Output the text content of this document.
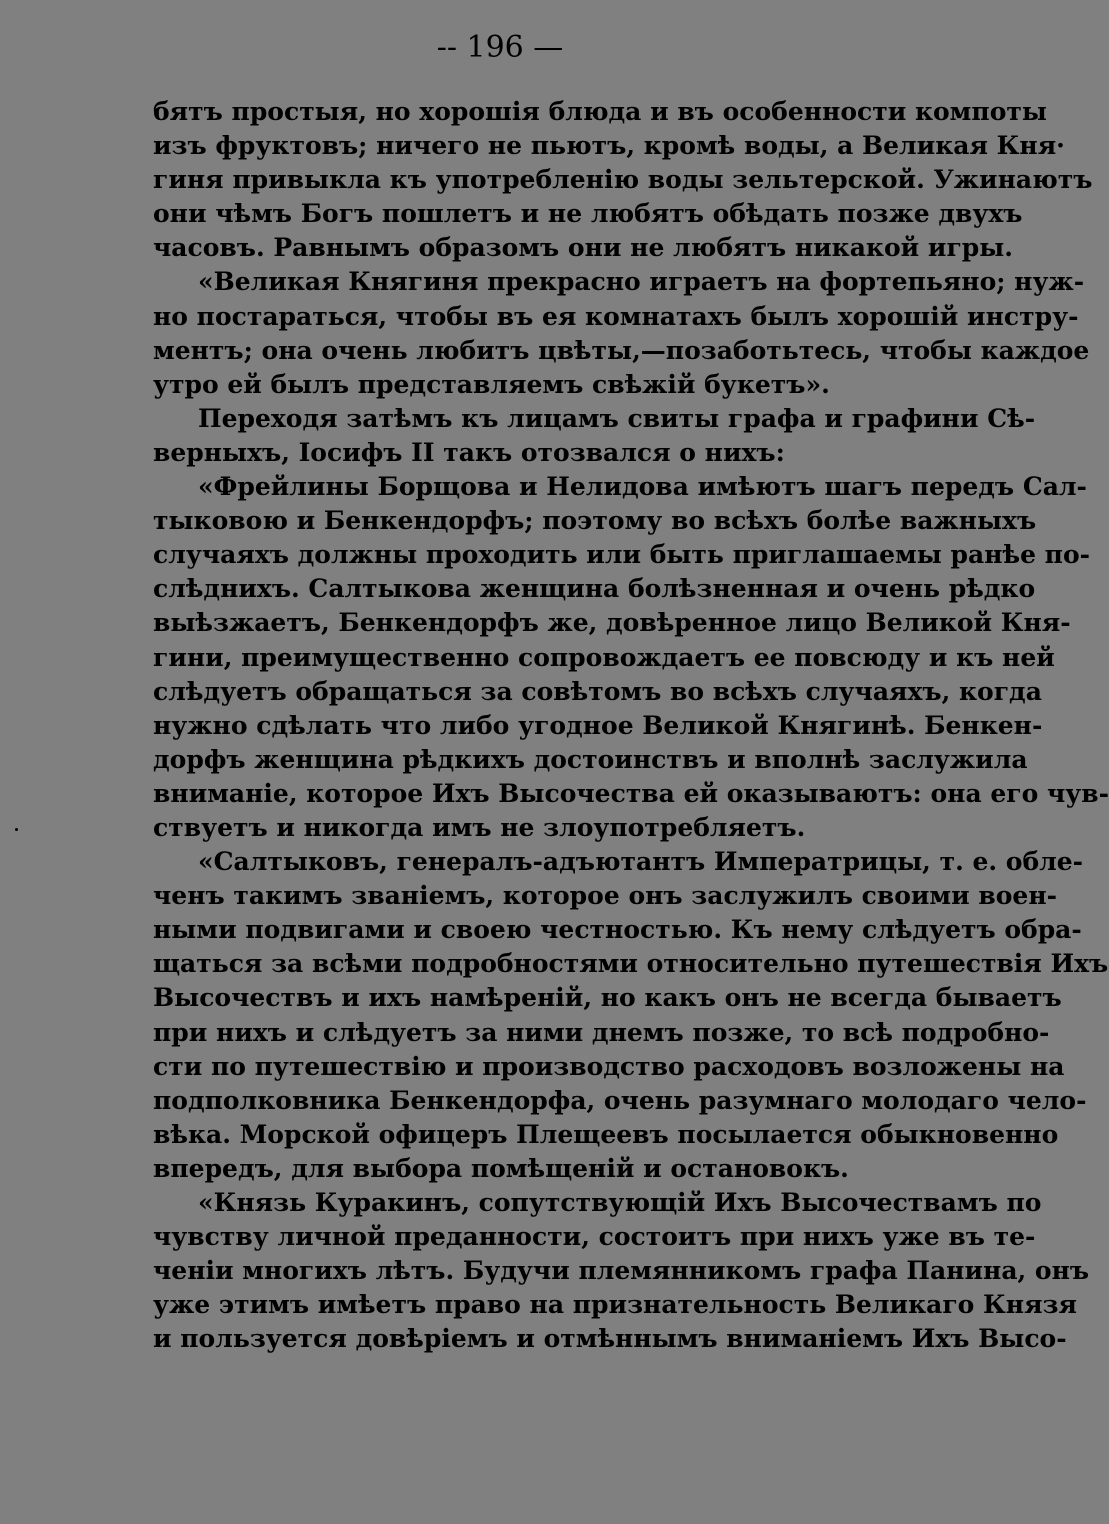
-- 196 —
бятъ простыя, но хорошія блюда и въ особенности компоты
изъ фруктовъ; ничего не пьютъ, кромѣ воды, а Великая Кня·
гиня привыкла къ употребленію воды зельтерской. Ужинаютъ
они чѣмъ Богъ пошлетъ и не любятъ обѣдать позже двухъ
часовъ. Равнымъ образомъ они не любятъ никакой игры.
«Великая Княгиня прекрасно играетъ на фортепьяно; нуж-
но постараться, чтобы въ ея комнатахъ былъ хорошій инстру-
ментъ; она очень любитъ цвѣты,—позаботьтесь, чтобы каждое
утро ей былъ представляемъ свѣжій букетъ».
Переходя затѣмъ къ лицамъ свиты графа и графини Сѣ-
верныхъ, Іосифъ II такъ отозвался о нихъ:
«Фрейлины Борщова и Нелидова имѣютъ шагъ передъ Сал-
тыковою и Бенкендорфъ; поэтому во всѣхъ болѣе важныхъ
случаяхъ должны проходить или быть приглашаемы ранѣе по-
слѣднихъ. Салтыкова женщина болѣзненная и очень рѣдко
выѣзжаетъ, Бенкендорфъ же, довѣренное лицо Великой Кня-
гини, преимущественно сопровождаетъ ее повсюду и къ ней
слѣдуетъ обращаться за совѣтомъ во всѣхъ случаяхъ, когда
нужно сдѣлать что либо угодное Великой Княгинѣ. Бенкен-
дорфъ женщина рѣдкихъ достоинствъ и вполнѣ заслужила
вниманіе, которое Ихъ Высочества ей оказываютъ: она его чув-
ствуетъ и никогда имъ не злоупотребляетъ.
«Салтыковъ, генералъ-адъютантъ Императрицы, т. е. обле-
ченъ такимъ званіемъ, которое онъ заслужилъ своими воен-
ными подвигами и своею честностью. Къ нему слѣдуетъ обра-
щаться за всѣми подробностями относительно путешествія Ихъ
Высочествъ и ихъ намѣреній, но какъ онъ не всегда бываетъ
при нихъ и слѣдуетъ за ними днемъ позже, то всѣ подробно-
сти по путешествію и производство расходовъ возложены на
подполковника Бенкендорфа, очень разумнаго молодаго чело-
вѣка. Морской офицеръ Плещеевъ посылается обыкновенно
впередъ, для выбора помѣщеній и остановокъ.
«Князь Куракинъ, сопутствующій Ихъ Высочествамъ по
чувству личной преданности, состоитъ при нихъ уже въ те-
ченіи многихъ лѣтъ. Будучи племянникомъ графа Панина, онъ
уже этимъ имѣетъ право на признательность Великаго Князя
и пользуется довѣріемъ и отмѣннымъ вниманіемъ Ихъ Высо-
